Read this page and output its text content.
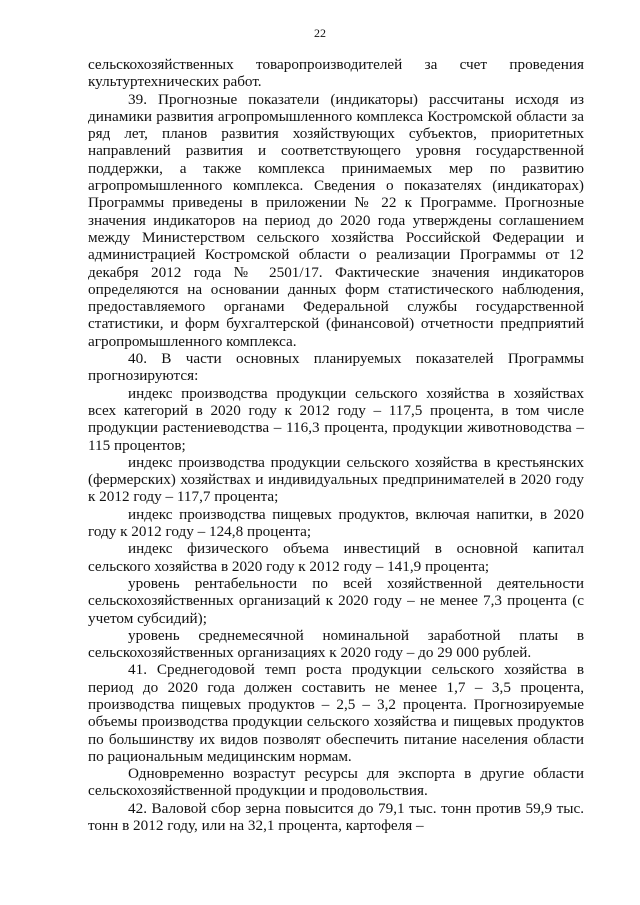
22

сельскохозяйственных товаропроизводителей за счет проведения культуртехнических работ.

39. Прогнозные показатели (индикаторы) рассчитаны исходя из динамики развития агропромышленного комплекса Костромской области за ряд лет, планов развития хозяйствующих субъектов, приоритетных направлений развития и соответствующего уровня государственной поддержки, а также комплекса принимаемых мер по развитию агропромышленного комплекса. Сведения о показателях (индикаторах) Программы приведены в приложении № 22 к Программе. Прогнозные значения индикаторов на период до 2020 года утверждены соглашением между Министерством сельского хозяйства Российской Федерации и администрацией Костромской области о реализации Программы от 12 декабря 2012 года № 2501/17. Фактические значения индикаторов определяются на основании данных форм статистического наблюдения, предоставляемого органами Федеральной службы государственной статистики, и форм бухгалтерской (финансовой) отчетности предприятий агропромышленного комплекса.

40. В части основных планируемых показателей Программы прогнозируются:

индекс производства продукции сельского хозяйства в хозяйствах всех категорий в 2020 году к 2012 году – 117,5 процента, в том числе продукции растениеводства – 116,3 процента, продукции животноводства – 115 процентов;

индекс производства продукции сельского хозяйства в крестьянских (фермерских) хозяйствах и индивидуальных предпринимателей в 2020 году к 2012 году – 117,7 процента;

индекс производства пищевых продуктов, включая напитки, в 2020 году к 2012 году – 124,8 процента;

индекс физического объема инвестиций в основной капитал сельского хозяйства в 2020 году к 2012 году – 141,9 процента;

уровень рентабельности по всей хозяйственной деятельности сельскохозяйственных организаций к 2020 году – не менее 7,3 процента (с учетом субсидий);

уровень среднемесячной номинальной заработной платы в сельскохозяйственных организациях к 2020 году – до 29 000 рублей.

41. Среднегодовой темп роста продукции сельского хозяйства в период до 2020 года должен составить не менее 1,7 – 3,5 процента, производства пищевых продуктов – 2,5 – 3,2 процента. Прогнозируемые объемы производства продукции сельского хозяйства и пищевых продуктов по большинству их видов позволят обеспечить питание населения области по рациональным медицинским нормам.

Одновременно возрастут ресурсы для экспорта в другие области сельскохозяйственной продукции и продовольствия.

42. Валовой сбор зерна повысится до 79,1 тыс. тонн против 59,9 тыс. тонн в 2012 году, или на 32,1 процента, картофеля –
